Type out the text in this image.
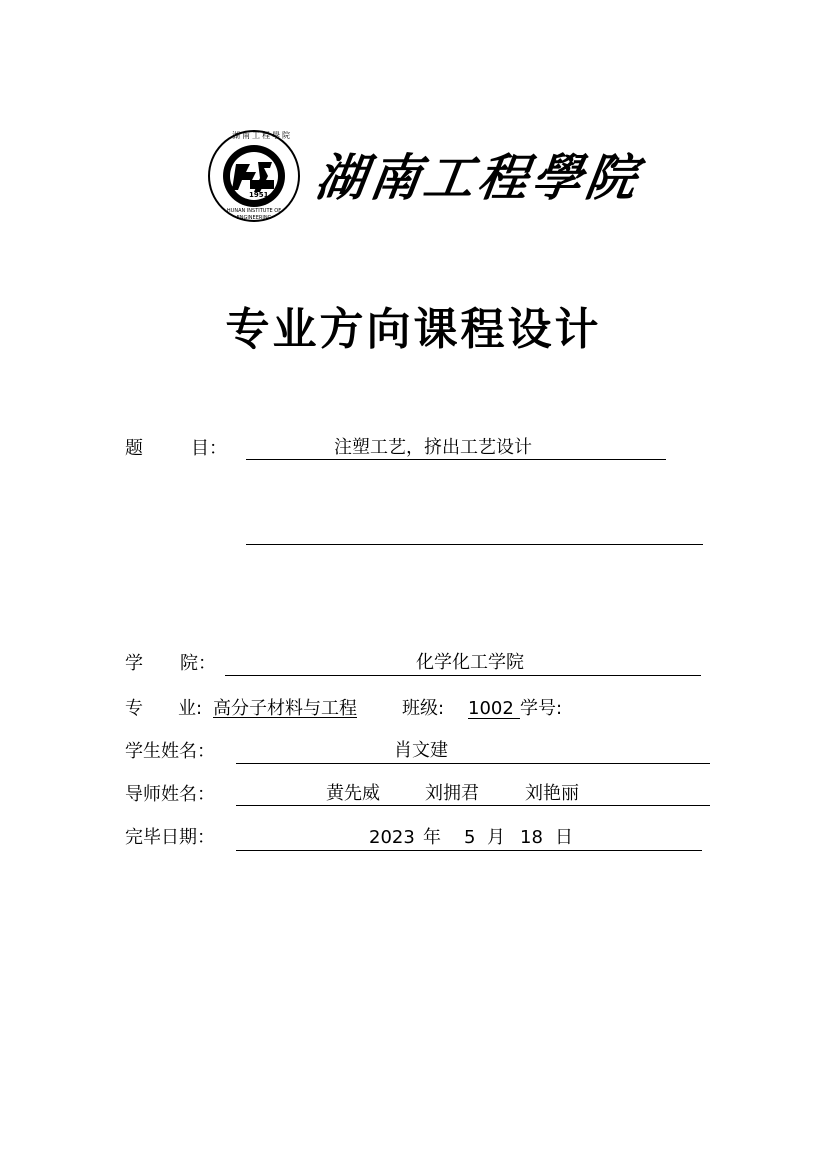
湖南工程學院
HUNAN INSTITUTE OF ENGINEERING
1951 湖南工程學院
专业方向课程设计
题	目：	注塑工艺，挤出工艺设计
学 院：	化学化工学院
专 业: 高分子材料与工程	班级: 1002 学号:
学生姓名：	肖文建
导师姓名：	黄先威	刘拥君	刘艳丽
完毕日期：	2023 年 5 月 18 日
